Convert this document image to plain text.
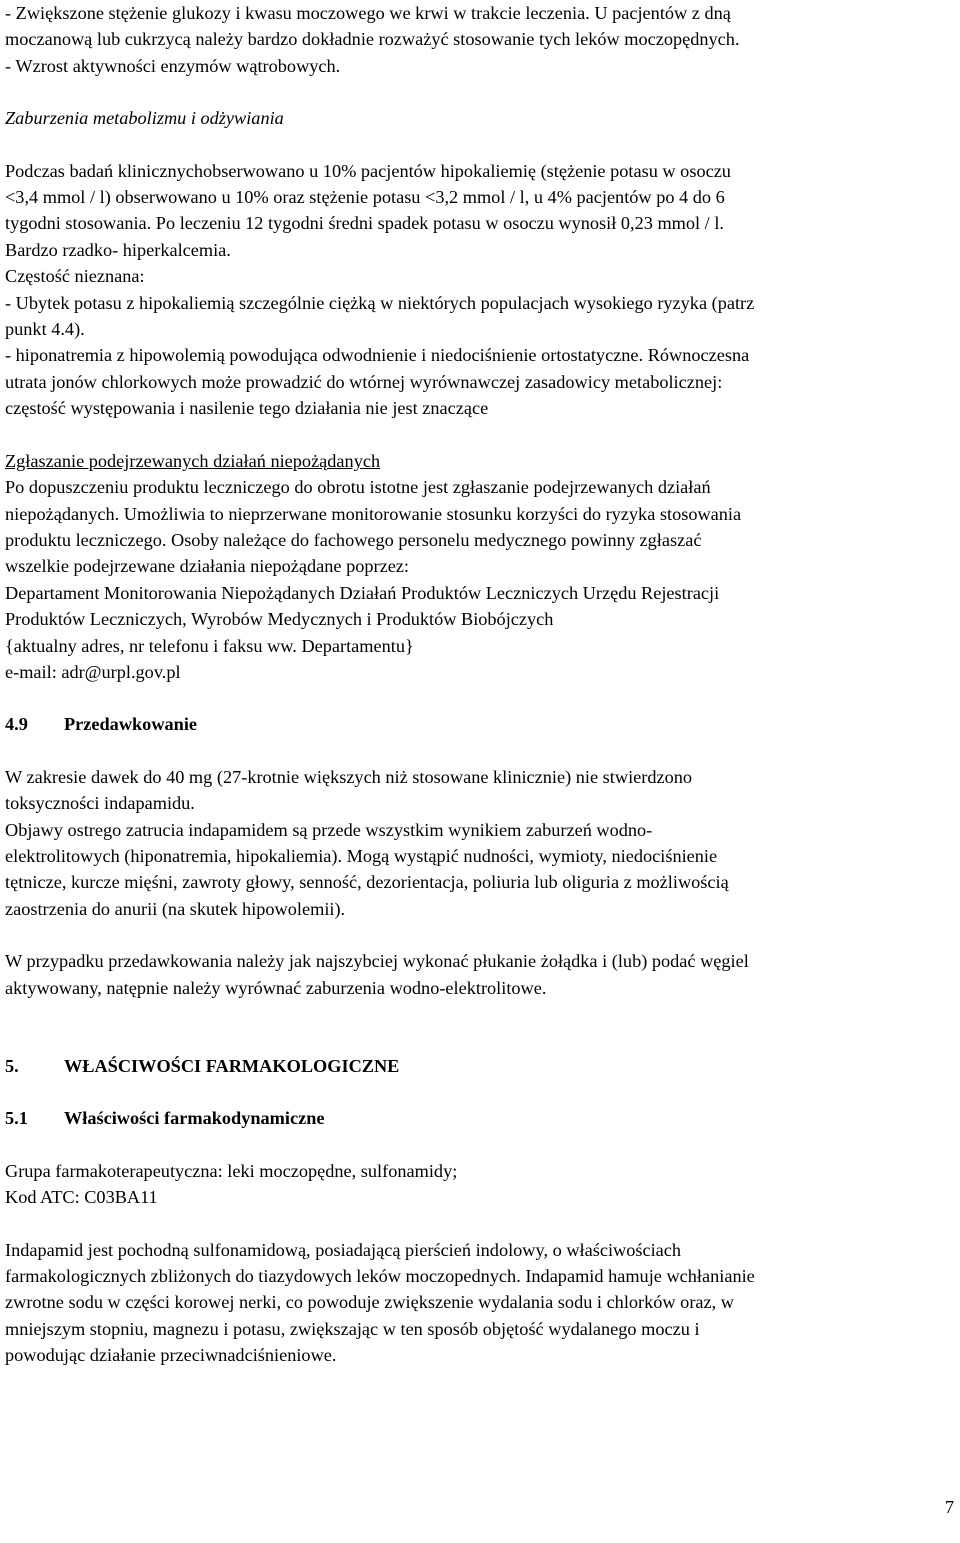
- Zwiększone stężenie glukozy i kwasu moczowego we krwi w trakcie leczenia. U pacjentów z dną
moczanową lub cukrzycą należy bardzo dokładnie rozważyć stosowanie tych leków moczopędnych.
- Wzrost aktywności enzymów wątrobowych.
Zaburzenia metabolizmu i odżywiania
Podczas badań klinicznychobserwowano u 10% pacjentów hipokaliemię (stężenie potasu w osoczu
<3,4 mmol / l) obserwowano u 10% oraz stężenie potasu <3,2 mmol / l, u 4% pacjentów po 4 do 6
tygodni stosowania. Po leczeniu 12 tygodni średni spadek potasu w osoczu wynosił 0,23 mmol / l.
Bardzo rzadko- hiperkalcemia.
Częstość nieznana:
- Ubytek potasu z hipokaliemią szczególnie ciężką w niektórych populacjach wysokiego ryzyka (patrz
punkt 4.4).
- hiponatremia z hipowolemią powodująca odwodnienie i niedociśnienie ortostatyczne. Równoczesna
utrata jonów chlorkowych może prowadzić do wtórnej wyrównawczej zasadowicy metabolicznej:
częstość występowania i nasilenie tego działania nie jest znaczące
Zgłaszanie podejrzewanych działań niepożądanych
Po dopuszczeniu produktu leczniczego do obrotu istotne jest zgłaszanie podejrzewanych działań
niepożądanych. Umożliwia to nieprzerwane monitorowanie stosunku korzyści do ryzyka stosowania
produktu leczniczego. Osoby należące do fachowego personelu medycznego powinny zgłaszać
wszelkie podejrzewane działania niepożądane poprzez:
Departament Monitorowania Niepożądanych Działań Produktów Leczniczych Urzędu Rejestracji
Produktów Leczniczych, Wyrobów Medycznych i Produktów Biobójczych
{aktualny adres, nr telefonu i faksu ww. Departamentu}
e-mail: adr@urpl.gov.pl
4.9	Przedawkowanie
W zakresie dawek do 40 mg (27-krotnie większych niż stosowane klinicznie) nie stwierdzono
toksyczności indapamidu.
Objawy ostrego zatrucia indapamidem są przede wszystkim wynikiem zaburzeń wodno-
elektrolitowych (hiponatremia, hipokaliemia). Mogą wystąpić nudności, wymioty, niedociśnienie
tętnicze, kurcze mięśni, zawroty głowy, senność, dezorientacja, poliuria lub oliguria z możliwością
zaostrzenia do anurii (na skutek hipowolemii).
W przypadku przedawkowania należy jak najszybciej wykonać płukanie żołądka i (lub) podać węgiel
aktywowany, natępnie należy wyrównać zaburzenia wodno-elektrolitowe.
5.	WŁAŚCIWOŚCI FARMAKOLOGICZNE
5.1	Właściwości farmakodynamiczne
Grupa farmakoterapeutyczna: leki moczopędne, sulfonamidy;
Kod ATC: C03BA11
Indapamid jest pochodną sulfonamidową, posiadającą pierścień indolowy, o właściwościach
farmakologicznych zbliżonych do tiazydowych leków moczopednych. Indapamid hamuje wchłanianie
zwrotne sodu w części korowej nerki, co powoduje zwiększenie wydalania sodu i chlorków oraz, w
mniejszym stopniu, magnezu i potasu, zwiększając w ten sposób objętość wydalanego moczu i
powodując działanie przeciwnadciśnieniowe.
7
